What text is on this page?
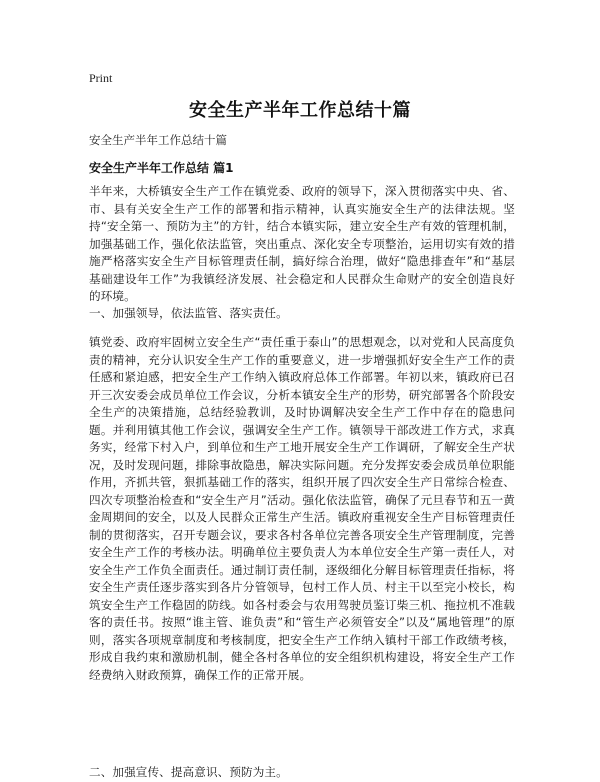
Print
安全生产半年工作总结十篇
安全生产半年工作总结十篇
安全生产半年工作总结 篇1
半年来，大桥镇安全生产工作在镇党委、政府的领导下，深入贯彻落实中央、省、市、县有关安全生产工作的部署和指示精神，认真实施安全生产的法律法规。坚持“安全第一、预防为主”的方针，结合本镇实际，建立安全生产有效的管理机制，加强基础工作，强化依法监管，突出重点、深化安全专项整治，运用切实有效的措施严格落实安全生产目标管理责任制，搞好综合治理，做好“隐患排查年”和“基层基础建设年工作”为我镇经济发展、社会稳定和人民群众生命财产的安全创造良好的环境。
一、加强领导，依法监管、落实责任。
镇党委、政府牢固树立安全生产“责任重于泰山”的思想观念，以对党和人民高度负责的精神，充分认识安全生产工作的重要意义，进一步增强抓好安全生产工作的责任感和紧迫感，把安全生产工作纳入镇政府总体工作部署。年初以来，镇政府已召开三次安委会成员单位工作会议，分析本镇安全生产的形势，研究部署各个阶段安全生产的决策措施，总结经验教训，及时协调解决安全生产工作中存在的隐患问题。并利用镇其他工作会议，强调安全生产工作。镇领导干部改进工作方式，求真务实，经常下村入户，到单位和生产工地开展安全生产工作调研，了解安全生产状况，及时发现问题，排除事故隐患，解决实际问题。充分发挥安委会成员单位职能作用，齐抓共管，狠抓基础工作的落实，组织开展了四次安全生产日常综合检查、四次专项整治检查和“安全生产月”活动。强化依法监管，确保了元旦春节和五一黄金周期间的安全，以及人民群众正常生产生活。镇政府重视安全生产目标管理责任制的贯彻落实，召开专题会议，要求各村各单位完善各项安全生产管理制度，完善安全生产工作的考核办法。明确单位主要负责人为本单位安全生产第一责任人，对安全生产工作负全面责任。通过制订责任制，逐级细化分解目标管理责任指标，将安全生产责任逐步落实到各片分管领导，包村工作人员、村主干以至完小校长，构筑安全生产工作稳固的防线。如各村委会与农用驾驶员鉴订柴三机、拖拉机不准载客的责任书。按照“谁主管、谁负责”和“管生产必须管安全”以及“属地管理”的原则，落实各项规章制度和考核制度，把安全生产工作纳入镇村干部工作政绩考核，形成自我约束和激励机制，健全各村各单位的安全组织机构建设，将安全生产工作经费纳入财政预算，确保工作的正常开展。
二、加强宣传、提高意识、预防为主。
